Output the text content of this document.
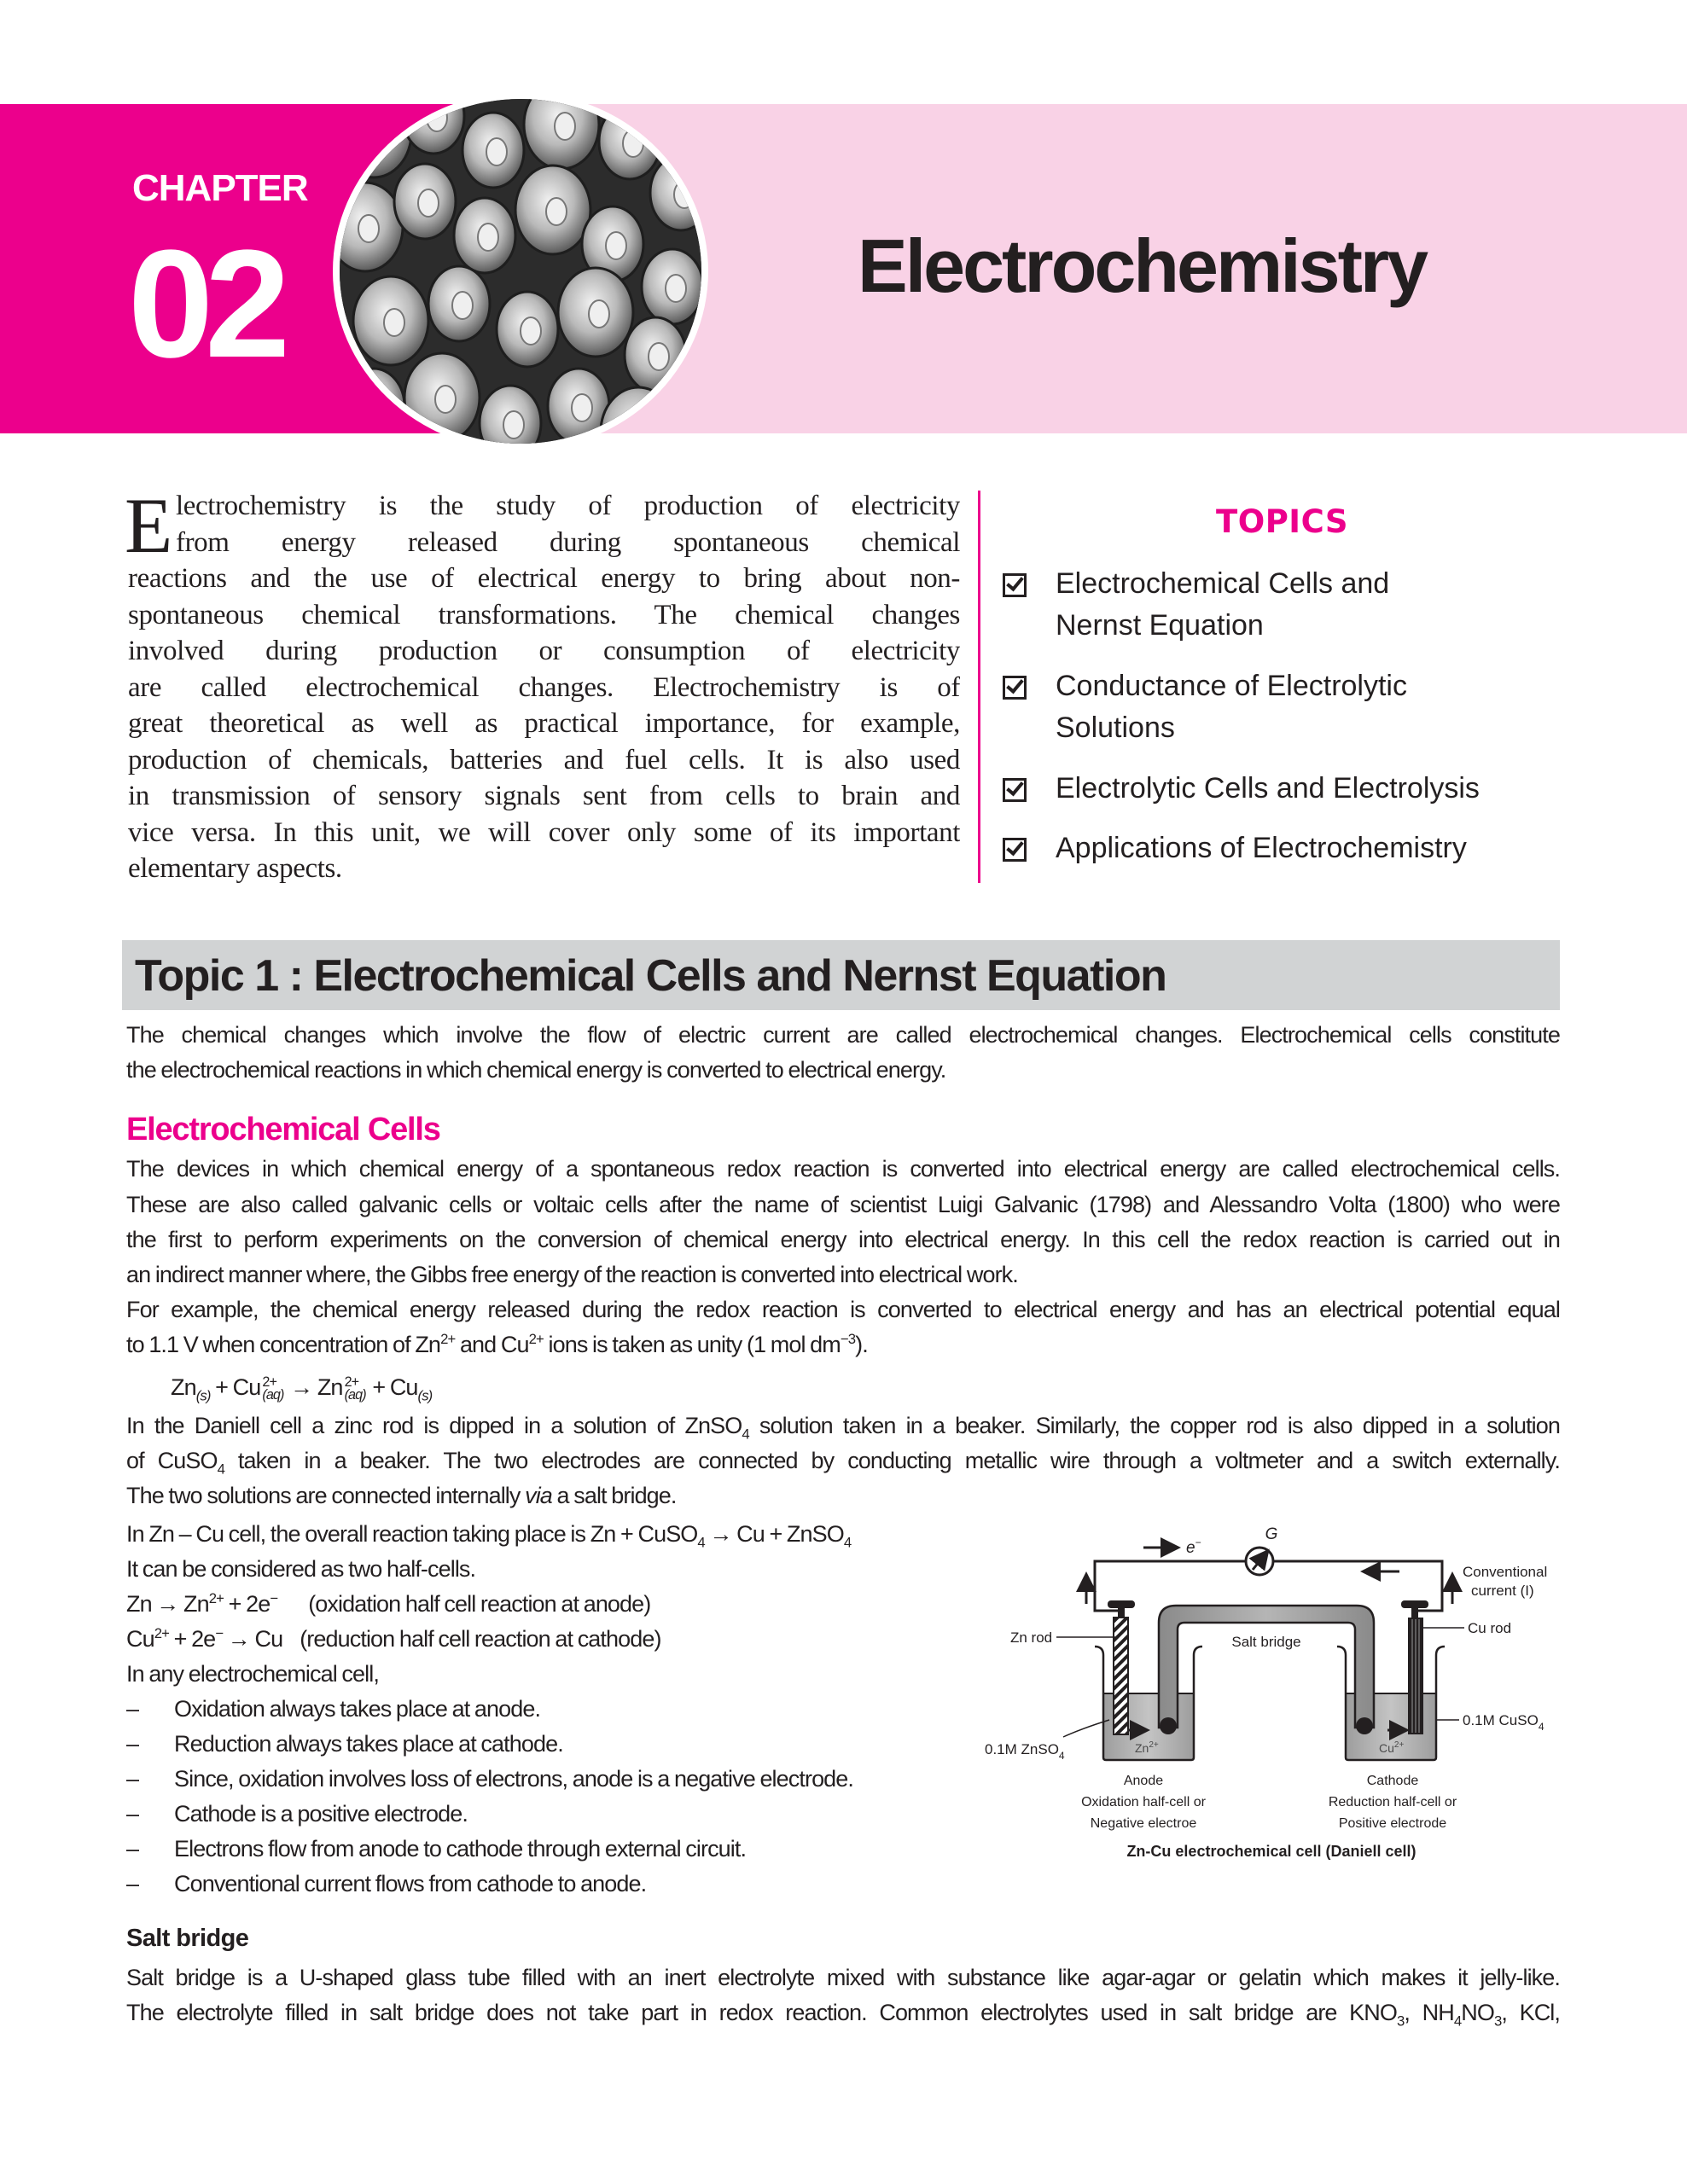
CHAPTER
02	Electrochemistry
E lectrochemistry is the study of production of electricity
from energy released during spontaneous chemical
reactions and the use of electrical energy to bring about non-
spontaneous chemical transformations. The chemical changes
involved during production or consumption of electricity
are called electrochemical changes. Electrochemistry is of
great theoretical as well as practical importance, for example,
production of chemicals, batteries and fuel cells. It is also used
in transmission of sensory signals sent from cells to brain and
vice versa. In this unit, we will cover only some of its important
elementary aspects.
TOPICS
Electrochemical Cells and
Nernst Equation
Conductance of Electrolytic
Solutions
Electrolytic Cells and Electrolysis
Applications of Electrochemistry
Topic 1 : Electrochemical Cells and Nernst Equation
The chemical changes which involve the flow of electric current are called electrochemical changes. Electrochemical cells constitute
the electrochemical reactions in which chemical energy is converted to electrical energy.
Electrochemical Cells
The devices in which chemical energy of a spontaneous redox reaction is converted into electrical energy are called electrochemical cells.
These are also called galvanic cells or voltaic cells after the name of scientist Luigi Galvanic (1798) and Alessandro Volta (1800) who were
the first to perform experiments on the conversion of chemical energy into electrical energy. In this cell the redox reaction is carried out in
an indirect manner where, the Gibbs free energy of the reaction is converted into electrical work.
For example, the chemical energy released during the redox reaction is converted to electrical energy and has an electrical potential equal
to 1.1 V when concentration of $Zn^{2+}$ and $Cu^{2+}$ ions is taken as unity (1 mol $dm^{-3}$).
$Zn_{(s)} + Cu$ 2+
(aq) → Zn 2+
$(aq) + Cu_{(s)}$
In the Daniell cell a zinc rod is dipped in a solution of ZnSO$_4$ solution taken in a beaker. Similarly, the copper rod is also dipped in a solution
of CuSO$_4$ taken in a beaker. The two electrodes are connected by conducting metallic wire through a voltmeter and a switch externally.
The two solutions are connected internally via a salt bridge.
In Zn – Cu cell, the overall reaction taking place is Zn + CuSO$_4$ → Cu + ZnSO$_4$
It can be considered as two half-cells.
$Zn \to Zn^{2+} + 2e^-$ (oxidation half cell reaction at anode)
$Cu^{2+} + 2e^- \to Cu$ (reduction half cell reaction at cathode)
In any electrochemical cell,
– Oxidation always takes place at anode.
– Reduction always takes place at cathode.
– Since, oxidation involves loss of electrons, anode is a negative electrode.
– Cathode is a positive electrode.
– Electrons flow from anode to cathode through external circuit.
– Conventional current flows from cathode to anode.
G
e−
Conventional
current (I)
Salt bridge
$Zn^{2+}$	$Cu^{2+}$
Zn rod
Cu rod
0.1M ZnSO$_4$
0.1M CuSO$_4$
Anode
Oxidation half-cell or
Negative electroe
Cathode
Reduction half-cell or
Positive electrode
Zn-Cu electrochemical cell (Daniell cell)
Salt bridge
Salt bridge is a U-shaped glass tube filled with an inert electrolyte mixed with substance like agar-agar or gelatin which makes it jelly-like.
The electrolyte filled in salt bridge does not take part in redox reaction. Common electrolytes used in salt bridge are $KNO_3$, $NH_4NO_3$, KCl,
